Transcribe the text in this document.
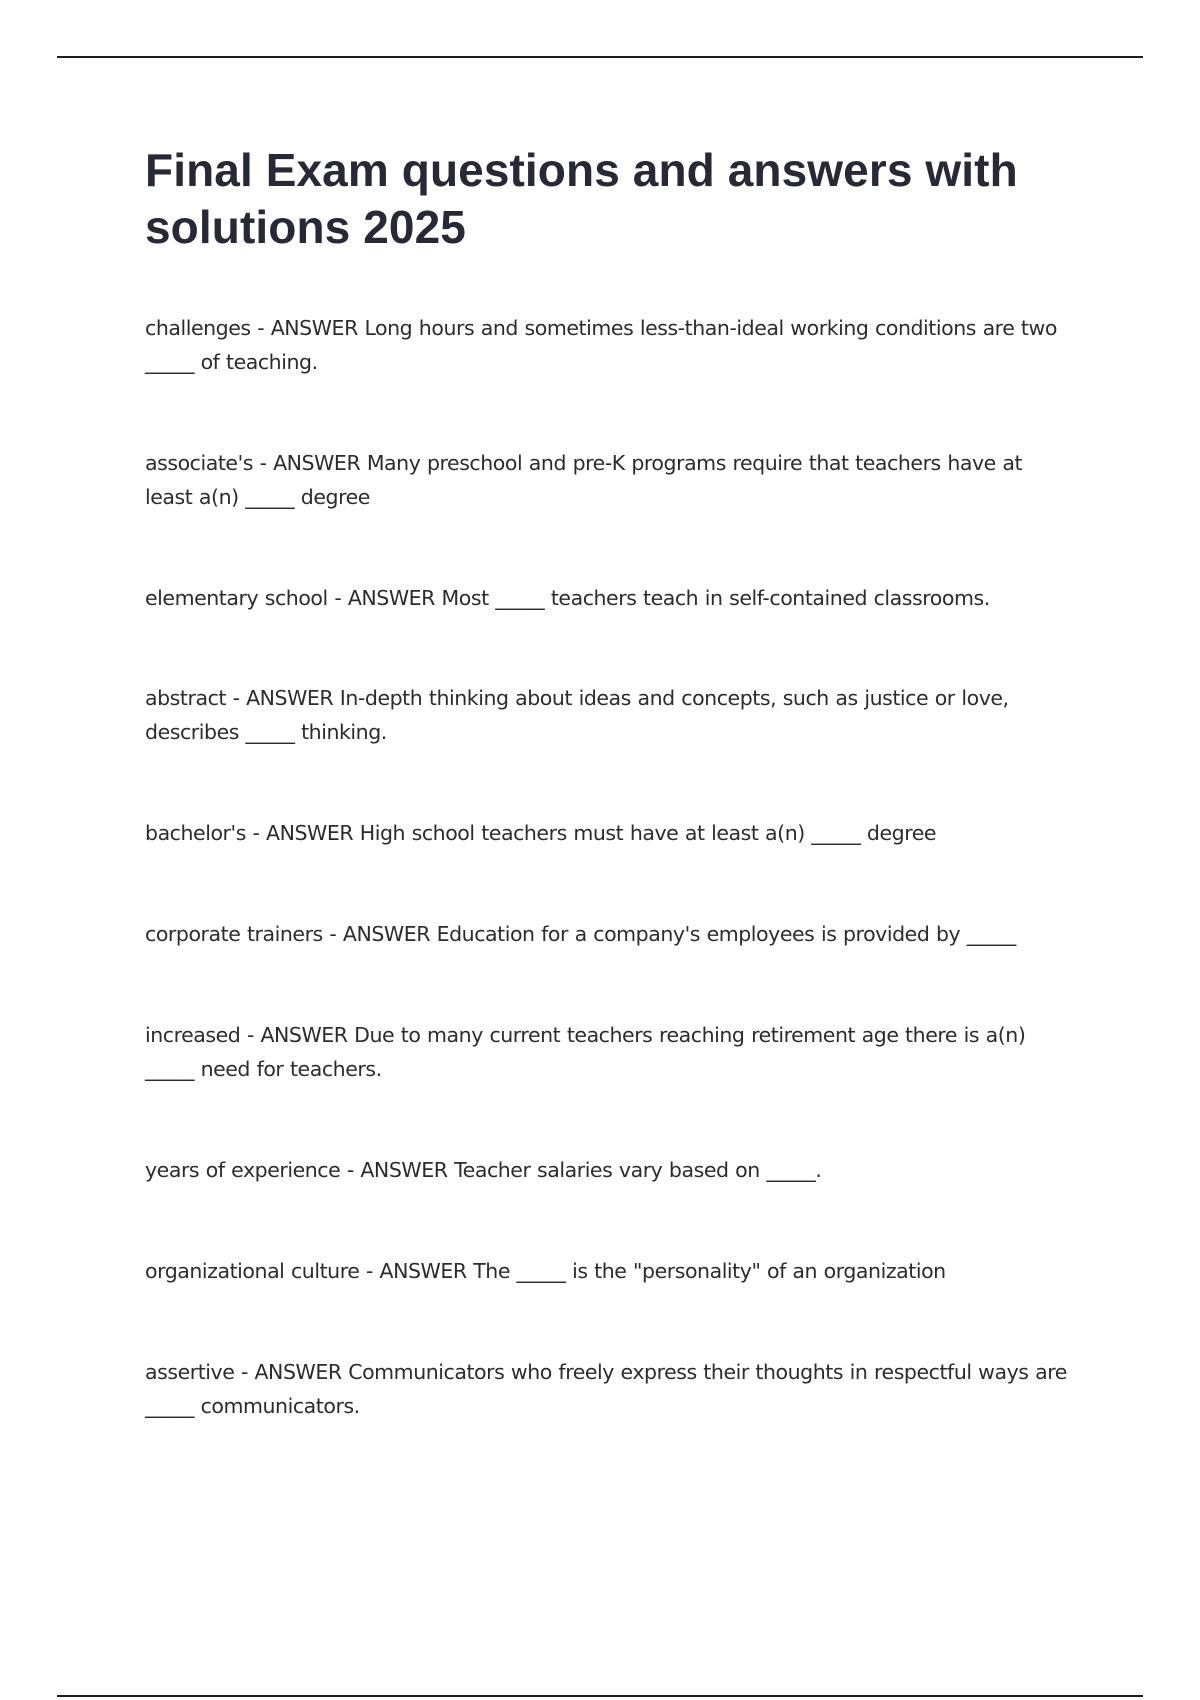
Final Exam questions and answers with solutions 2025
challenges - ANSWER Long hours and sometimes less-than-ideal working conditions are two _____ of teaching.
associate's - ANSWER Many preschool and pre-K programs require that teachers have at least a(n) _____ degree
elementary school - ANSWER Most _____ teachers teach in self-contained classrooms.
abstract - ANSWER In-depth thinking about ideas and concepts, such as justice or love, describes _____ thinking.
bachelor's - ANSWER High school teachers must have at least a(n) _____ degree
corporate trainers - ANSWER Education for a company's employees is provided by _____
increased - ANSWER Due to many current teachers reaching retirement age there is a(n) _____ need for teachers.
years of experience - ANSWER Teacher salaries vary based on _____.
organizational culture - ANSWER The _____ is the "personality" of an organization
assertive - ANSWER Communicators who freely express their thoughts in respectful ways are _____ communicators.
